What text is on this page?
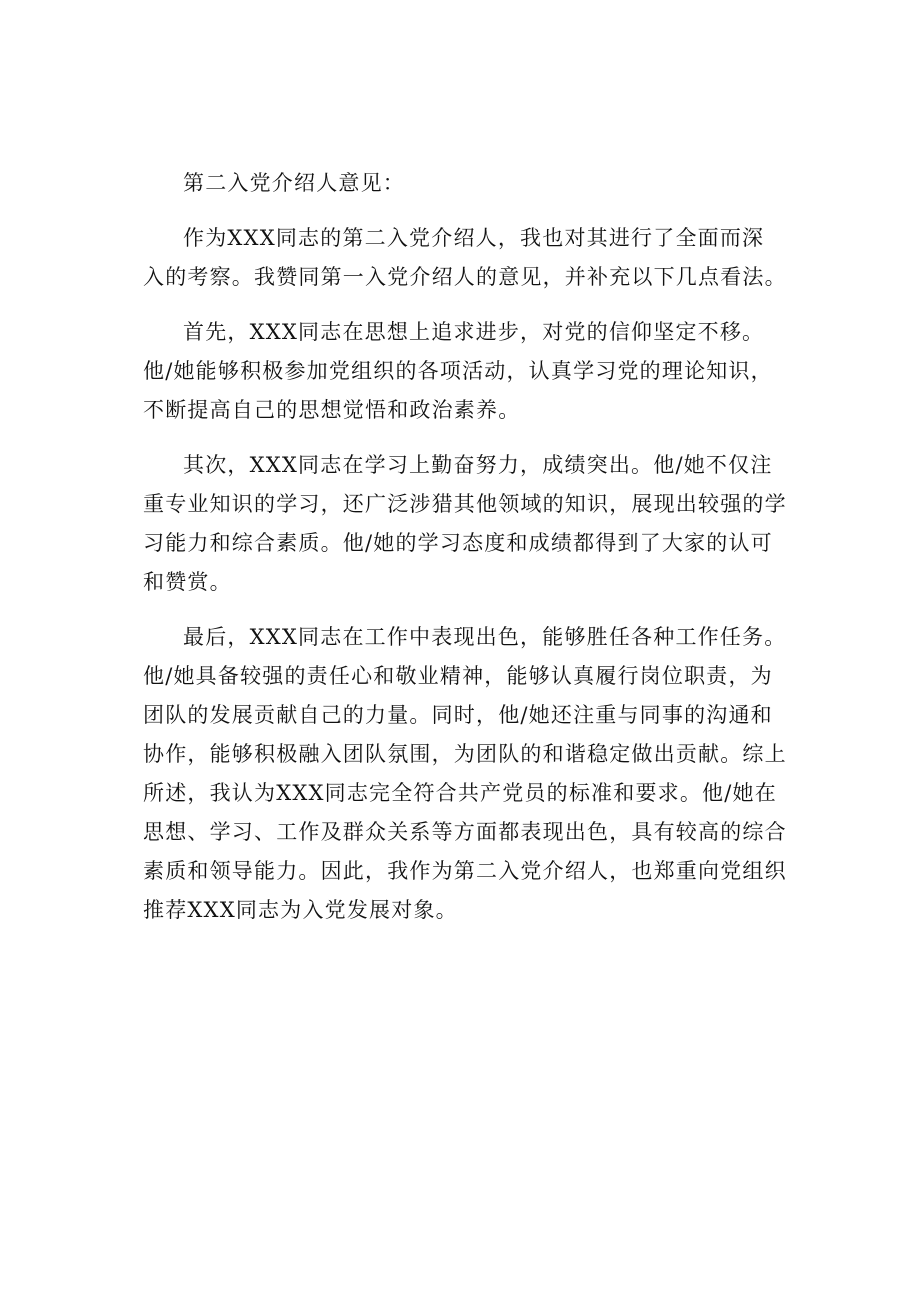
第二入党介绍人意见：
作为XXX同志的第二入党介绍人，我也对其进行了全面而深
入的考察。我赞同第一入党介绍人的意见，并补充以下几点看法。
首先，XXX同志在思想上追求进步，对党的信仰坚定不移。
他/她能够积极参加党组织的各项活动，认真学习党的理论知识，
不断提高自己的思想觉悟和政治素养。
其次，XXX同志在学习上勤奋努力，成绩突出。他/她不仅注
重专业知识的学习，还广泛涉猎其他领域的知识，展现出较强的学
习能力和综合素质。他/她的学习态度和成绩都得到了大家的认可
和赞赏。
最后，XXX同志在工作中表现出色，能够胜任各种工作任务。
他/她具备较强的责任心和敬业精神，能够认真履行岗位职责，为
团队的发展贡献自己的力量。同时，他/她还注重与同事的沟通和
协作，能够积极融入团队氛围，为团队的和谐稳定做出贡献。综上
所述，我认为XXX同志完全符合共产党员的标准和要求。他/她在
思想、学习、工作及群众关系等方面都表现出色，具有较高的综合
素质和领导能力。因此，我作为第二入党介绍人，也郑重向党组织
推荐XXX同志为入党发展对象。
